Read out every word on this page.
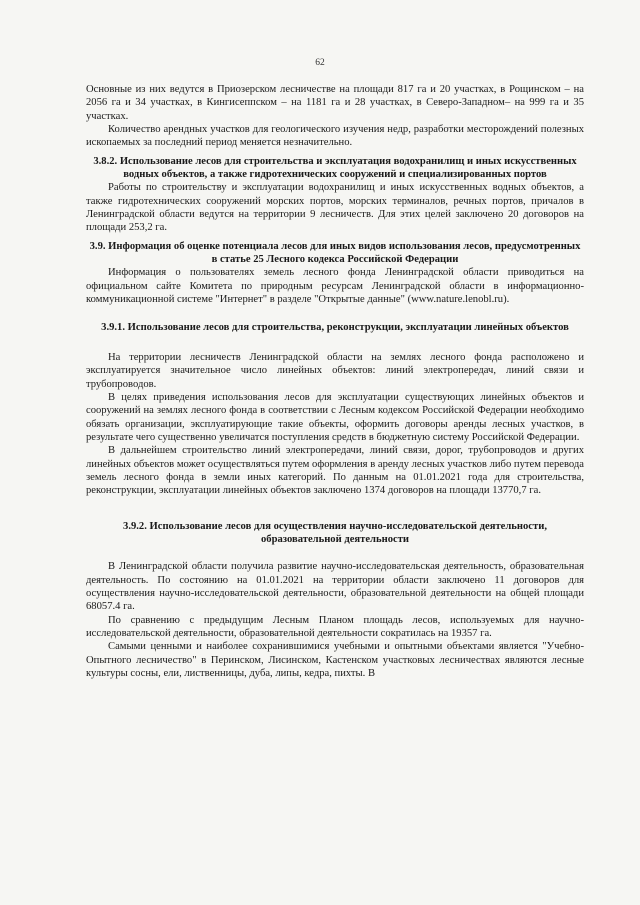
62

Основные из них ведутся в Приозерском лесничестве на площади 817 га и 20 участках, в Рощинском – на 2056 га и 34 участках, в Кингисеппском – на 1181 га и 28 участках, в Северо-Западном– на 999 га и 35 участках.

Количество арендных участков для геологического изучения недр, разработки месторождений полезных ископаемых за последний период меняется незначительно.

3.8.2. Использование лесов для строительства и эксплуатация водохранилищ и иных искусственных водных объектов, а также гидротехнических сооружений и специализированных портов

Работы по строительству и эксплуатации водохранилищ и иных искусственных водных объектов, а также гидротехнических сооружений морских портов, морских терминалов, речных портов, причалов в Ленинградской области ведутся на территории 9 лесничеств. Для этих целей заключено 20 договоров на площади 253,2 га.

3.9. Информация об оценке потенциала лесов для иных видов использования лесов, предусмотренных в статье 25 Лесного кодекса Российской Федерации

Информация о пользователях земель лесного фонда Ленинградской области приводиться на официальном сайте Комитета по природным ресурсам Ленинградской области в информационно-коммуникационной системе "Интернет" в разделе "Открытые данные" (www.nature.lenobl.ru).

3.9.1. Использование лесов для строительства, реконструкции, эксплуатации линейных объектов

На территории лесничеств Ленинградской области на землях лесного фонда расположено и эксплуатируется значительное число линейных объектов: линий электропередач, линий связи и трубопроводов.

В целях приведения использования лесов для эксплуатации существующих линейных объектов и сооружений на землях лесного фонда в соответствии с Лесным кодексом Российской Федерации необходимо обязать организации, эксплуатирующие такие объекты, оформить договоры аренды лесных участков, в результате чего существенно увеличатся поступления средств в бюджетную систему Российской Федерации.

В дальнейшем строительство линий электропередачи, линий связи, дорог, трубопроводов и других линейных объектов может осуществляться путем оформления в аренду лесных участков либо путем перевода земель лесного фонда в земли иных категорий. По данным на 01.01.2021 года для строительства, реконструкции, эксплуатации линейных объектов заключено 1374 договоров на площади 13770,7 га.

3.9.2. Использование лесов для осуществления научно-исследовательской деятельности, образовательной деятельности

В Ленинградской области получила развитие научно-исследовательская деятельность, образовательная деятельность. По состоянию на 01.01.2021 на территории области заключено 11 договоров для осуществления научно-исследовательской деятельности, образовательной деятельности на общей площади 68057.4 га.

По сравнению с предыдущим Лесным Планом площадь лесов, используемых для научно-исследовательской деятельности, образовательной деятельности сократилась на 19357 га.

Самыми ценными и наиболее сохранившимися учебными и опытными объектами является "Учебно-Опытного лесничество" в Перинском, Лисинском, Кастенском участковых лесничествах являются лесные культуры сосны, ели, лиственницы, дуба, липы, кедра, пихты. В
